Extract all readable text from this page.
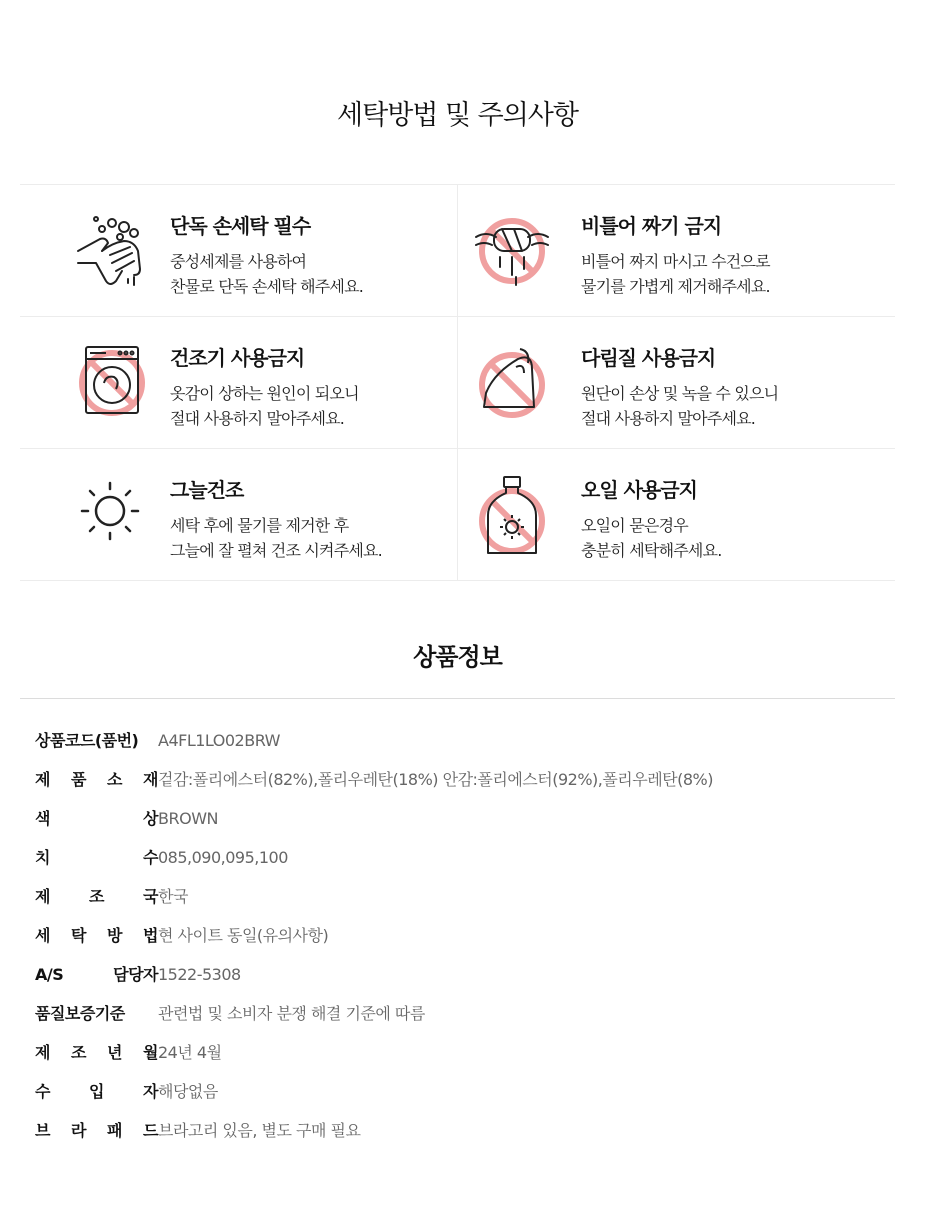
세탁방법 및 주의사항
단독 손세탁 필수
중성세제를 사용하여
찬물로 단독 손세탁 해주세요.
비틀어 짜기 금지
비틀어 짜지 마시고 수건으로
물기를 가볍게 제거해주세요.
건조기 사용금지
옷감이 상하는 원인이 되오니
절대 사용하지 말아주세요.
다림질 사용금지
원단이 손상 및 녹을 수 있으니
절대 사용하지 말아주세요.
그늘건조
세탁 후에 물기를 제거한 후
그늘에 잘 펼쳐 건조 시켜주세요.
오일 사용금지
오일이 묻은경우
충분히 세탁해주세요.
상품정보
상품코드(품번) A4FL1LO02BRW
제 품 소 재 겉감:폴리에스터(82%),폴리우레탄(18%) 안감:폴리에스터(92%),폴리우레탄(8%)
색	상 BROWN
치	수 085,090,095,100
제 조 국 한국
세 탁 방 법 현 사이트 동일(유의사항)
A/S	담당자 1522-5308
품질보증기준 관련법 및 소비자 분쟁 해결 기준에 따름
제 조 년 월 24년 4월
수 입 자 해당없음
브 라 패 드 브라고리 있음, 별도 구매 필요
